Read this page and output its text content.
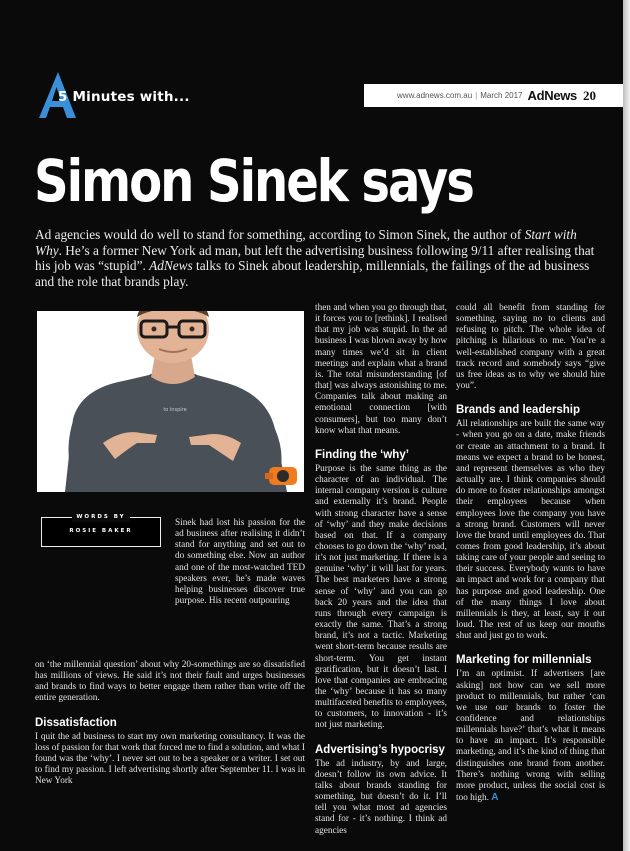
5 Minutes with...	www.adnews.com.au | March 2017 AdNews 20
Simon Sinek says

Ad agencies would do well to stand for something, according to Simon Sinek, the author of Start with Why. He’s a former New York ad man, but left the advertising business following 9/11 after realising that his job was “stupid”. AdNews talks to Sinek about leadership, millennials, the failings of the ad business and the role that brands play.

to inspire
WORDS BY
ROSIE BAKER

Sinek had lost his passion for the ad business after realising it didn’t stand for anything and set out to do something else. Now an author and one of the most-watched TED speakers ever, he’s made waves helping businesses discover true purpose. His recent outpouring

on ‘the millennial question’ about why 20-somethings are so dissatisfied has millions of views. He said it’s not their fault and urges businesses and brands to find ways to better engage them rather than write off the entire generation.

Dissatisfaction

I quit the ad business to start my own marketing consultancy. It was the loss of passion for that work that forced me to find a solution, and what I found was the ‘why’. I never set out to be a speaker or a writer. I set out to find my passion. I left advertising shortly after September 11. I was in New York

then and when you go through that, it forces you to [rethink]. I realised that my job was stupid. In the ad business I was blown away by how many times we’d sit in client meetings and explain what a brand is. The total misunderstanding [of that] was always astonishing to me. Companies talk about making an emotional connection [with consumers], but too many don’t know what that means.

Finding the ‘why’

Purpose is the same thing as the character of an individual. The internal company version is culture and externally it’s brand. People with strong character have a sense of ‘why’ and they make decisions based on that. If a company chooses to go down the ‘why’ road, it’s not just marketing. If there is a genuine ‘why’ it will last for years. The best marketers have a strong sense of ‘why’ and you can go back 20 years and the idea that runs through every campaign is exactly the same. That’s a strong brand, it’s not a tactic. Marketing went short-term because results are short-term. You get instant gratification, but it doesn’t last. I love that companies are embracing the ‘why’ because it has so many multifaceted benefits to employees, to customers, to innovation - it’s not just marketing.

Advertising’s hypocrisy

The ad industry, by and large, doesn’t follow its own advice. It talks about brands standing for something, but doesn’t do it. I’ll tell you what most ad agencies stand for - it’s nothing. I think ad agencies

could all benefit from standing for something, saying no to clients and refusing to pitch. The whole idea of pitching is hilarious to me. You’re a well-established company with a great track record and somebody says “give us free ideas as to why we should hire you”.

Brands and leadership

All relationships are built the same way - when you go on a date, make friends or create an attachment to a brand. It means we expect a brand to be honest, and represent themselves as who they actually are. I think companies should do more to foster relationships amongst their employees because when employees love the company you have a strong brand. Customers will never love the brand until employees do. That comes from good leadership, it’s about taking care of your people and seeing to their success. Everybody wants to have an impact and work for a company that has purpose and good leadership. One of the many things I love about millennials is they, at least, say it out loud. The rest of us keep our mouths shut and just go to work.

Marketing for millennials

I’m an optimist. If advertisers [are asking] not how can we sell more product to millennials, but rather ‘can we use our brands to foster the confidence and relationships millennials have?’ that’s what it means to have an impact. It’s responsible marketing, and it’s the kind of thing that distinguishes one brand from another. There’s nothing wrong with selling more product, unless the social cost is too high. A
